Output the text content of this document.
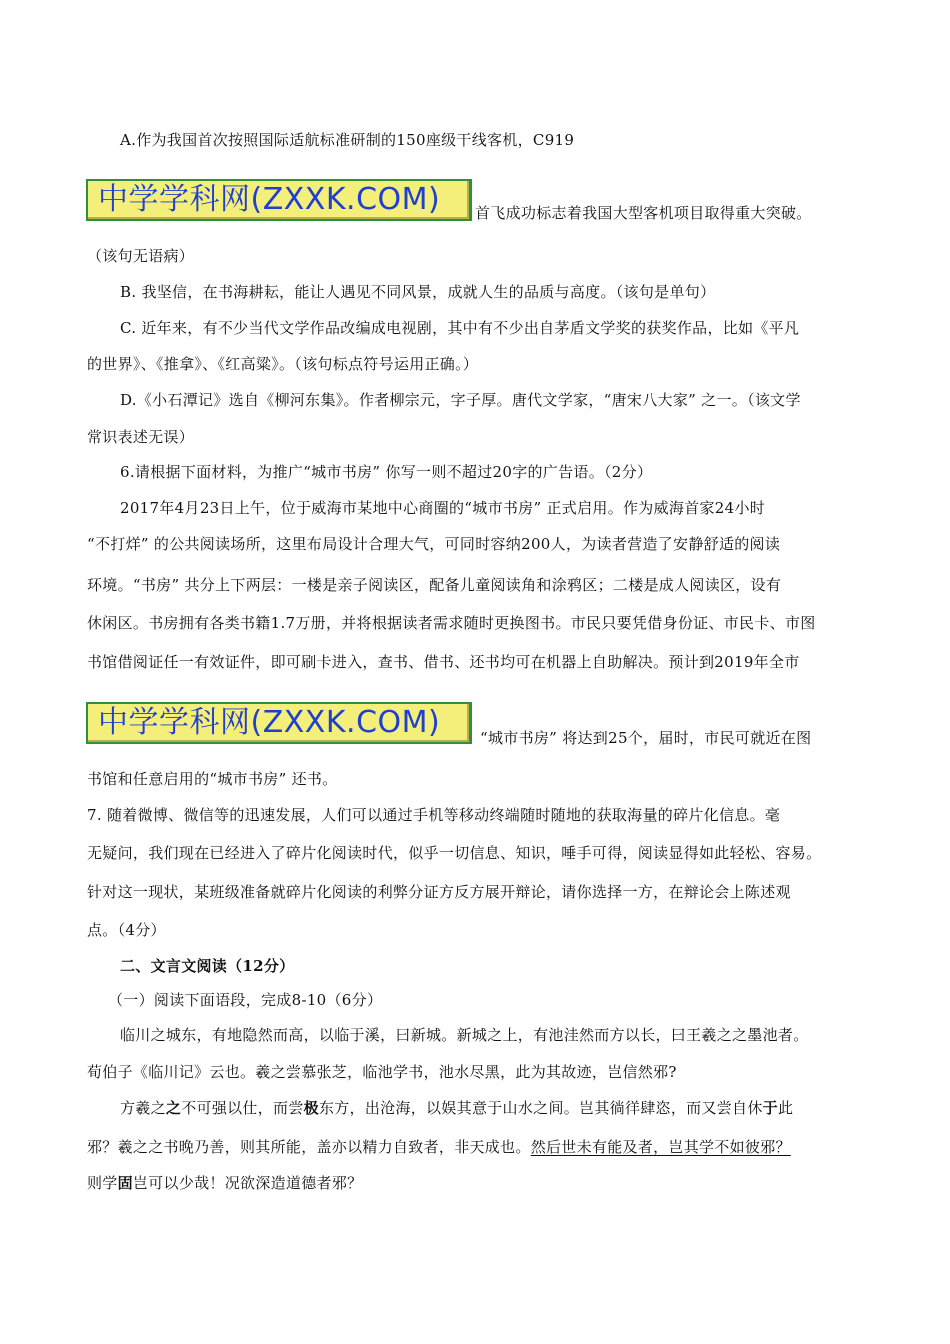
A.作为我国首次按照国际适航标准研制的150座级干线客机，C919
中学学科网(ZXXK.COM)	首飞成功标志着我国大型客机项目取得重大突破。
（该句无语病）
B. 我坚信，在书海耕耘，能让人遇见不同风景，成就人生的品质与高度。（该句是单句）
C. 近年来，有不少当代文学作品改编成电视剧，其中有不少出自茅盾文学奖的获奖作品，比如《平凡
的世界》、《推拿》、《红高粱》。（该句标点符号运用正确。）
D.《小石潭记》选自《柳河东集》。作者柳宗元，字子厚。唐代文学家，“唐宋八大家” 之一。（该文学
常识表述无误）
6.请根据下面材料，为推广“城市书房” 你写一则不超过20字的广告语。（2分）
2017年4月23日上午，位于威海市某地中心商圈的“城市书房” 正式启用。作为威海首家24小时
“不打烊” 的公共阅读场所，这里布局设计合理大气，可同时容纳200人，为读者营造了安静舒适的阅读
环境。“书房” 共分上下两层：一楼是亲子阅读区，配备儿童阅读角和涂鸦区；二楼是成人阅读区，设有
休闲区。书房拥有各类书籍1.7万册，并将根据读者需求随时更换图书。市民只要凭借身份证、市民卡、市图
书馆借阅证任一有效证件，即可刷卡进入，查书、借书、还书均可在机器上自助解决。预计到2019年全市
中学学科网(ZXXK.COM)	“城市书房” 将达到25个，届时，市民可就近在图
书馆和任意启用的“城市书房” 还书。
7. 随着微博、微信等的迅速发展，人们可以通过手机等移动终端随时随地的获取海量的碎片化信息。毫
无疑问，我们现在已经进入了碎片化阅读时代，似乎一切信息、知识，唾手可得，阅读显得如此轻松、容易。
针对这一现状，某班级准备就碎片化阅读的利弊分证方反方展开辩论，请你选择一方，在辩论会上陈述观
点。（4分）
二、文言文阅读（12分）
（一）阅读下面语段，完成8-10（6分）
临川之城东，有地隐然而高，以临于溪，曰新城。新城之上，有池洼然而方以长，曰王羲之之墨池者。
荀伯子《临川记》云也。羲之尝慕张芝，临池学书，池水尽黑，此为其故迹，岂信然邪?
方羲之之不可强以仕，而尝极东方，出沧海，以娱其意于山水之间。岂其徜徉肆恣，而又尝自休于此
邪？羲之之书晚乃善，则其所能，盖亦以精力自致者，非天成也。然后世未有能及者，岂其学不如彼邪？
则学固岂可以少哉！况欲深造道德者邪？
